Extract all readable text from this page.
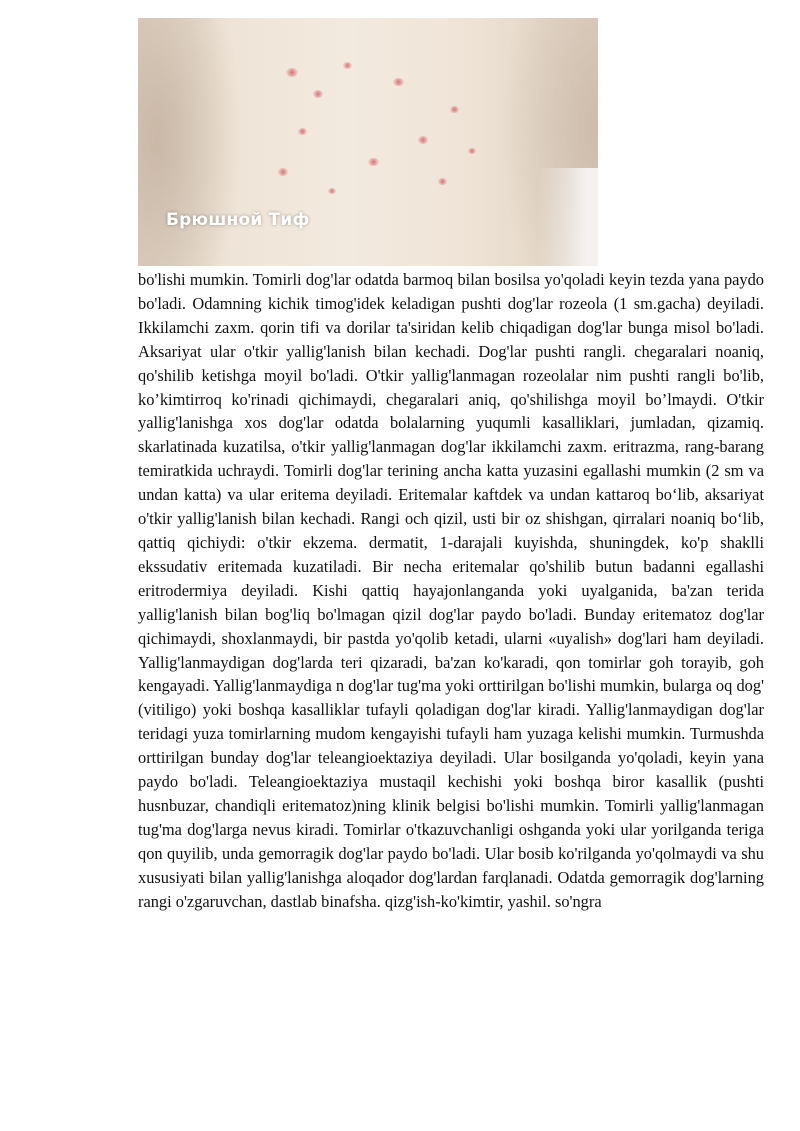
Брюшной Тиф

bo'lishi mumkin. Tomirli dog'lar odatda barmoq bilan bosilsa yo'qoladi keyin tezda yana paydo bo'ladi. Odamning kichik timog'idek keladigan pushti dog'lar rozeola (1 sm.gacha) deyiladi. Ikkilamchi zaxm. qorin tifi va dorilar ta'siridan kelib chiqadigan dog'lar bunga misol bo'ladi. Aksariyat ular o'tkir yallig'lanish bilan kechadi. Dog'lar pushti rangli. chegaralari noaniq, qo'shilib ketishga moyil bo'ladi. O'tkir yallig'lanmagan rozeolalar nim pushti rangli bo'lib, ko’kimtirroq ko'rinadi qichimaydi, chegaralari aniq, qo'shilishga moyil bo’lmaydi. O'tkir yallig'lanishga xos dog'lar odatda bolalarning yuqumli kasalliklari, jumladan, qizamiq. skarlatinada kuzatilsa, o'tkir yallig'lanmagan dog'lar ikkilamchi zaxm. eritrazma, rang-barang temiratkida uchraydi. Tomirli dog'lar terining ancha katta yuzasini egallashi mumkin (2 sm va undan katta) va ular eritema deyiladi. Eritemalar kaftdek va undan kattaroq bo‘lib, aksariyat o'tkir yallig'lanish bilan kechadi. Rangi och qizil, usti bir oz shishgan, qirralari noaniq bo‘lib, qattiq qichiydi: o'tkir ekzema. dermatit, 1-darajali kuyishda, shuningdek, ko'p shaklli ekssudativ eritemada kuzatiladi. Bir necha eritemalar qo'shilib butun badanni egallashi eritrodermiya deyiladi. Kishi qattiq hayajonlanganda yoki uyalganida, ba'zan terida yallig'lanish bilan bog'liq bo'lmagan qizil dog'lar paydo bo'ladi. Bunday eritematoz dog'lar qichimaydi, shoxlanmaydi, bir pastda yo'qolib ketadi, ularni «uyalish» dog'lari ham deyiladi. Yallig'lanmaydigan dog'larda teri qizaradi, ba'zan ko'karadi, qon tomirlar goh torayib, goh kengayadi. Yallig'lanmaydiga n dog'lar tug'ma yoki orttirilgan bo'lishi mumkin, bularga oq dog' (vitiligo) yoki boshqa kasalliklar tufayli qoladigan dog'lar kiradi. Yallig'lanmaydigan dog'lar teridagi yuza tomirlarning mudom kengayishi tufayli ham yuzaga kelishi mumkin. Turmushda orttirilgan bunday dog'lar teleangioektaziya deyiladi. Ular bosilganda yo'qoladi, keyin yana paydo bo'ladi. Teleangioektaziya mustaqil kechishi yoki boshqa biror kasallik (pushti husnbuzar, chandiqli eritematoz)ning klinik belgisi bo'lishi mumkin. Tomirli yallig'lanmagan tug'ma dog'larga nevus kiradi. Tomirlar o'tkazuvchanligi oshganda yoki ular yorilganda teriga qon quyilib, unda gemorragik dog'lar paydo bo'ladi. Ular bosib ko'rilganda yo'qolmaydi va shu xususiyati bilan yallig'lanishga aloqador dog'lardan farqlanadi. Odatda gemorragik dog'larning rangi o'zgaruvchan, dastlab binafsha. qizg'ish-ko'kimtir, yashil. so'ngra
